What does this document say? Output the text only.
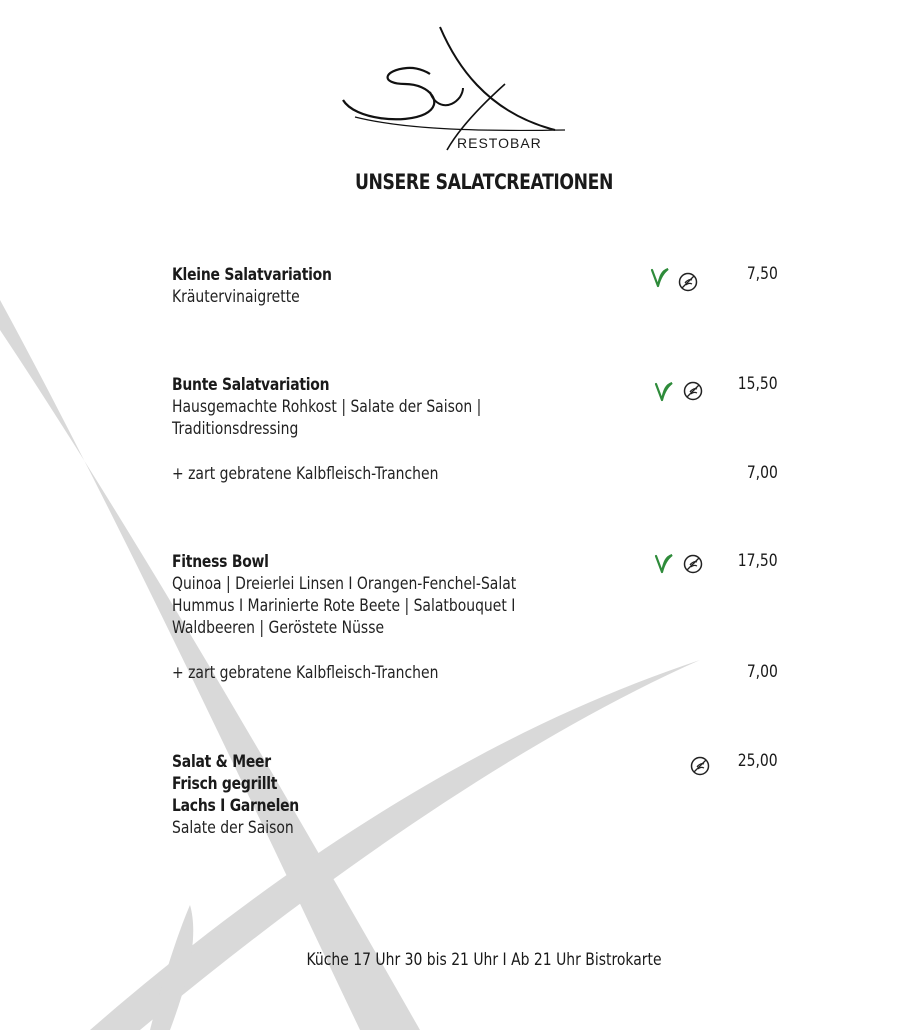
RESTOBAR
UNSERE SALATCREATIONEN
Kleine Salatvariation
Kräutervinaigrette
7,50
Bunte Salatvariation
Hausgemachte Rohkost | Salate der Saison |
Traditionsdressing
15,50
+ zart gebratene Kalbfleisch-Tranchen	7,00
Fitness Bowl
Quinoa | Dreierlei Linsen I Orangen-Fenchel-Salat
Hummus I Marinierte Rote Beete | Salatbouquet I
Waldbeeren | Geröstete Nüsse
17,50
+ zart gebratene Kalbfleisch-Tranchen	7,00
Salat & Meer
Frisch gegrillt
Lachs I Garnelen
Salate der Saison
25,00
Küche 17 Uhr 30 bis 21 Uhr I Ab 21 Uhr Bistrokarte
